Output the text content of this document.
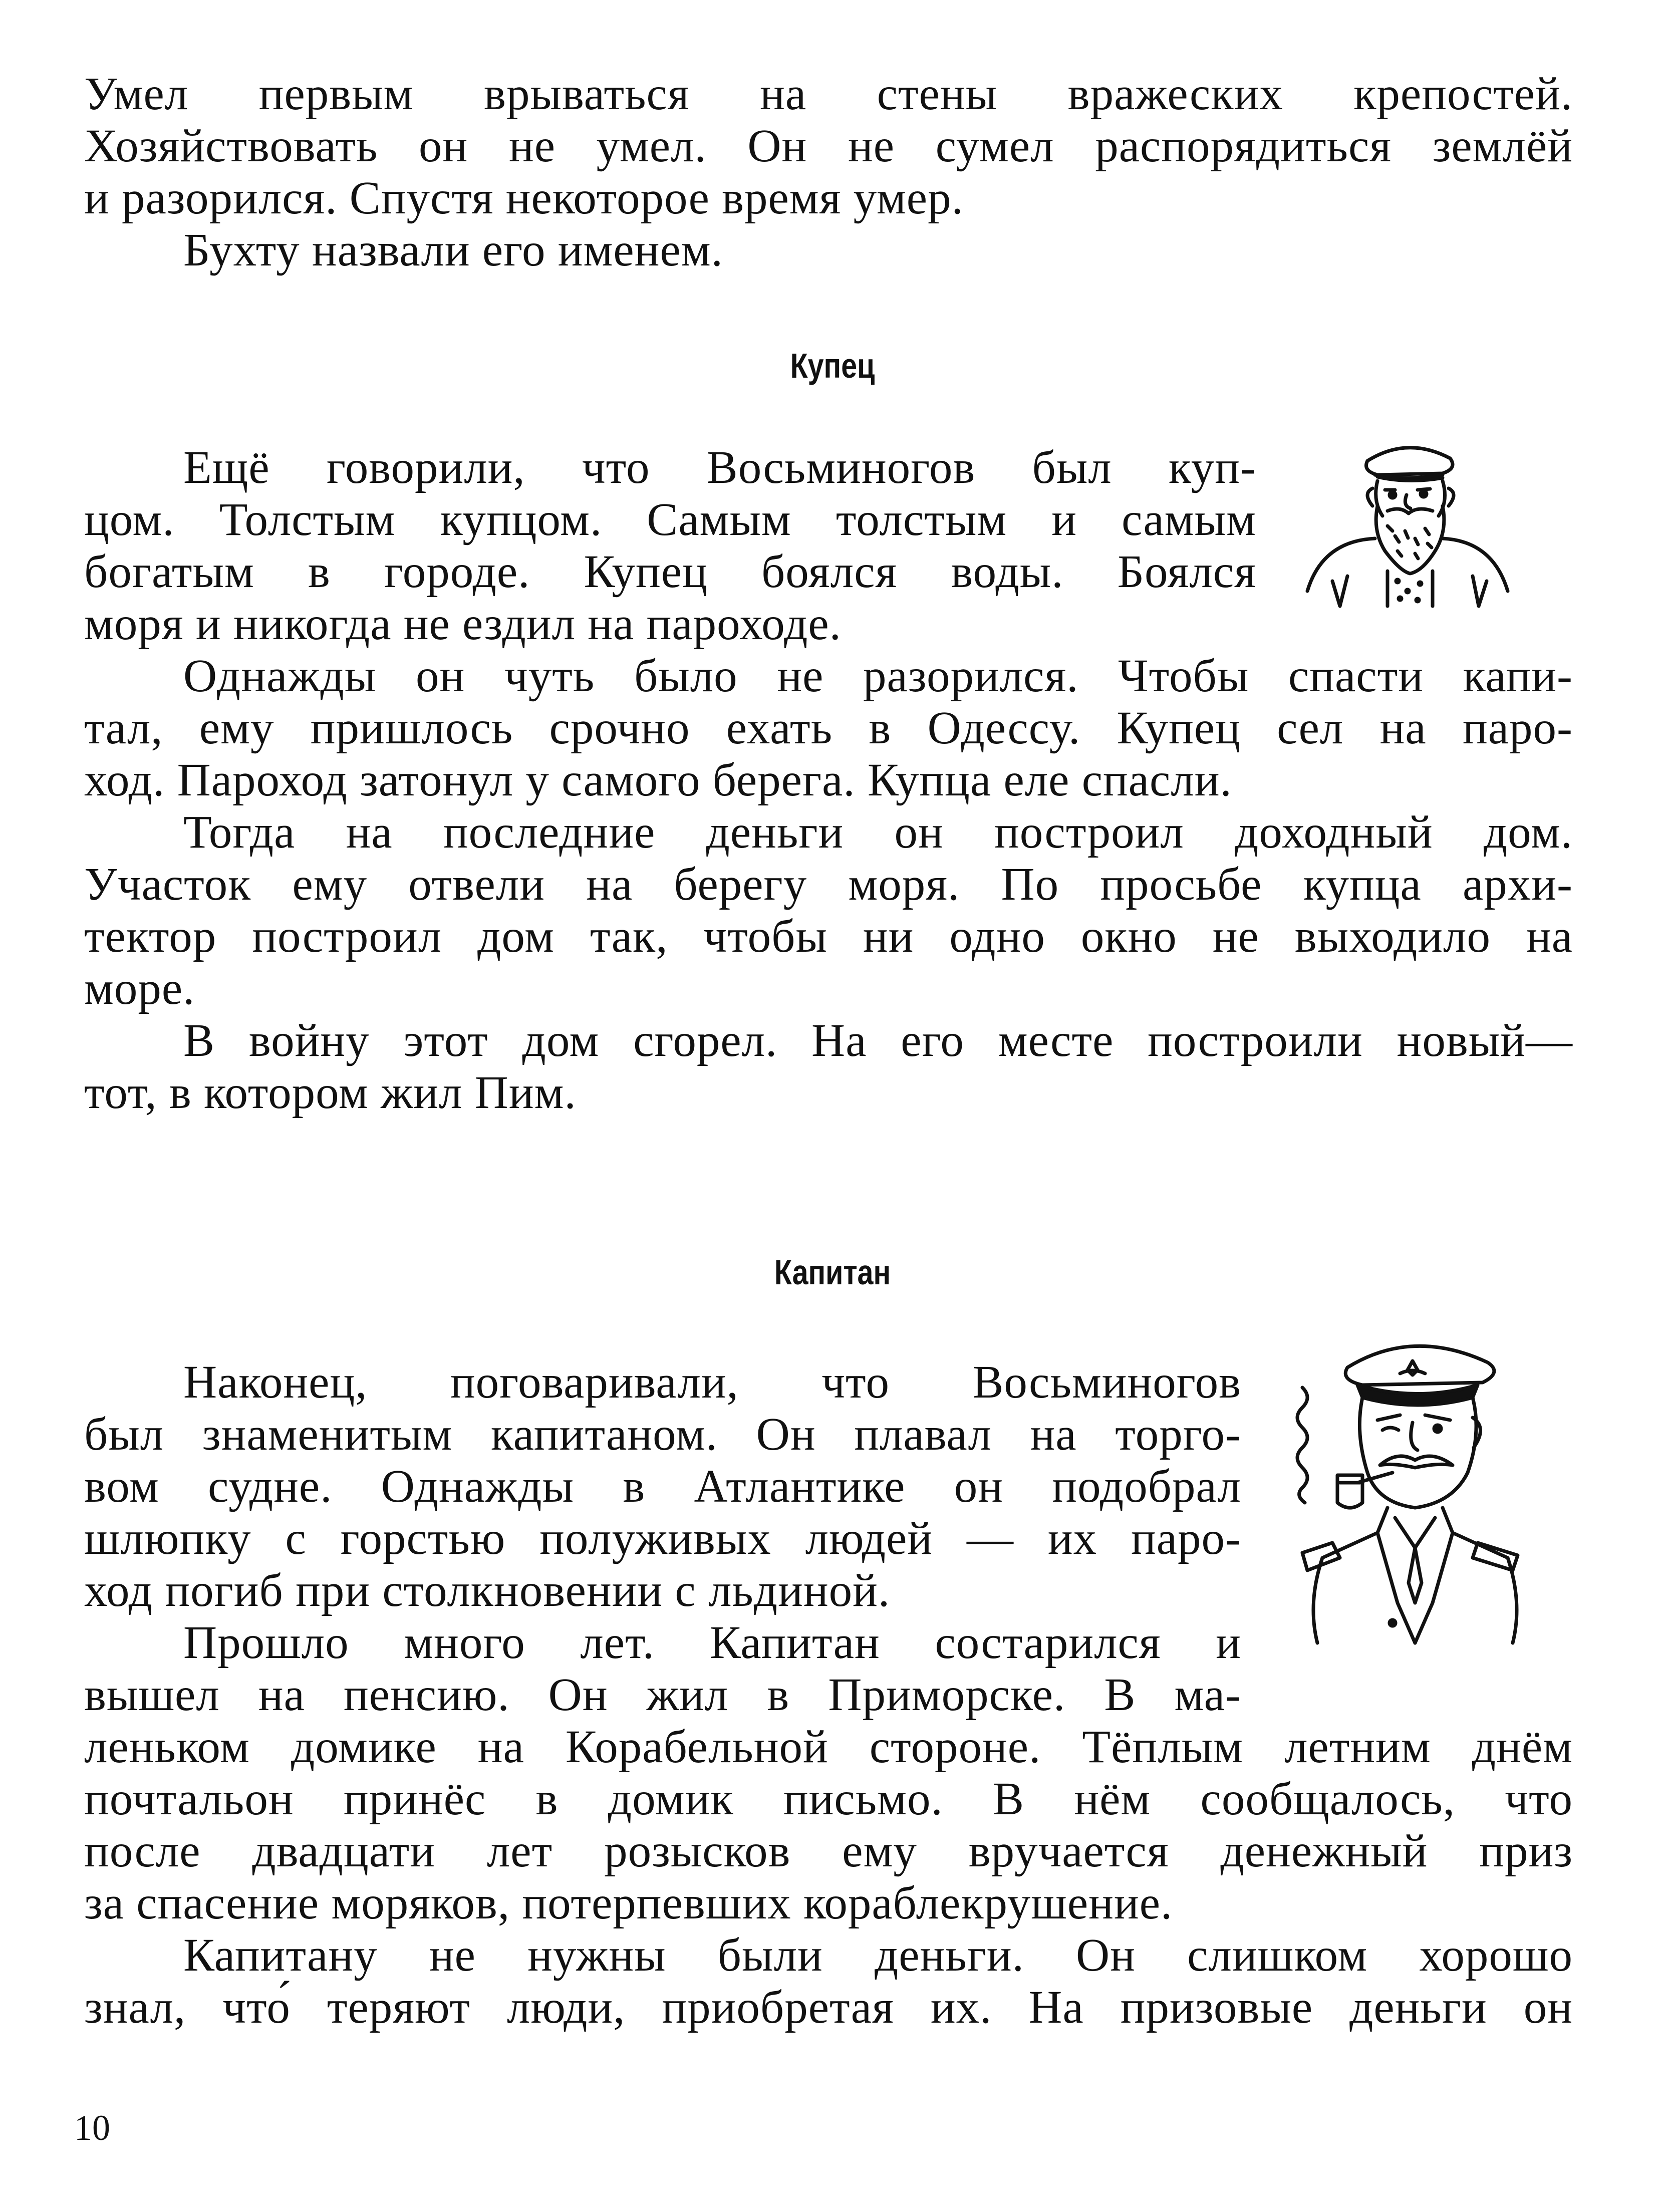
Умел первым врываться на стены вражеских крепостей.

Хозяйствовать он не умел. Он не сумел распорядиться землёй

и разорился. Спустя некоторое время умер.

Бухту назвали его именем.

Купец

Ещё говорили, что Восьминогов был куп-

цом. Толстым купцом. Самым толстым и самым

богатым в городе. Купец боялся воды. Боялся

моря и никогда не ездил на пароходе.

Однажды он чуть было не разорился. Чтобы спасти капи-

тал, ему пришлось срочно ехать в Одессу. Купец сел на паро-

ход. Пароход затонул у самого берега. Купца еле спасли.

Тогда на последние деньги он построил доходный дом.

Участок ему отвели на берегу моря. По просьбе купца архи-

тектор построил дом так, чтобы ни одно окно не выходило на

море.

В войну этот дом сгорел. На его месте построили новый—

тот, в котором жил Пим.

Капитан

Наконец, поговаривали, что Восьминогов

был знаменитым капитаном. Он плавал на торго-

вом судне. Однажды в Атлантике он подобрал

шлюпку с горстью полуживых людей — их паро-

ход погиб при столкновении с льдиной.

Прошло много лет. Капитан состарился и

вышел на пенсию. Он жил в Приморске. В ма-

леньком домике на Корабельной стороне. Тёплым летним днём

почтальон принёс в домик письмо. В нём сообщалось, что

после двадцати лет розысков ему вручается денежный приз

за спасение моряков, потерпевших кораблекрушение.

Капитану не нужны были деньги. Он слишком хорошо

знал, что́ теряют люди, приобретая их. На призовые деньги он

10
